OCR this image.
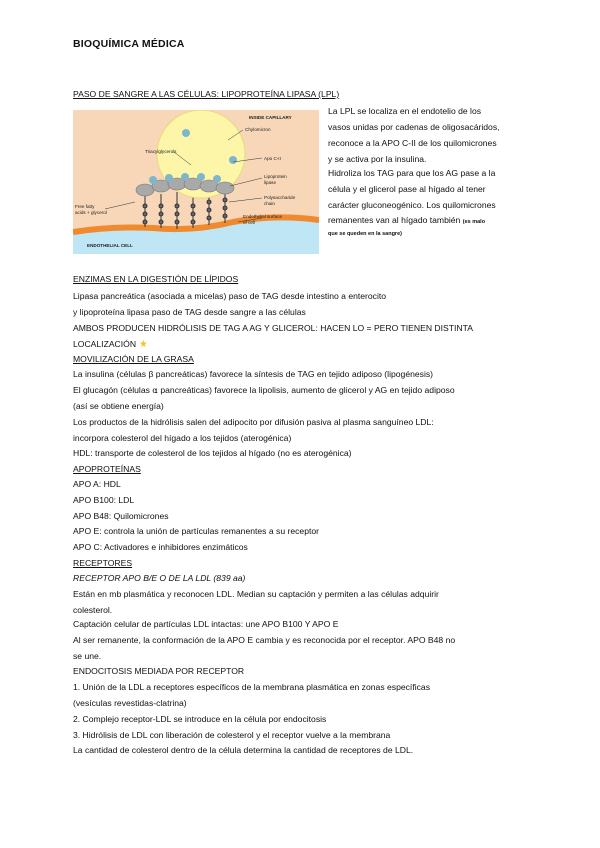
BIOQUÍMICA MÉDICA
PASO DE SANGRE A LAS CÉLULAS: LIPOPROTEÍNA LIPASA (LPL)
INSIDE CAPILLARY
Chylomicron
Triacylglycerols
Apo C-II
Lipoprotein
lipase
Polysaccharide
chain
Endothelial surface
of cell
Free fatty
acids + glycerol
ENDOTHELIAL CELL
La LPL se localiza en el endotelio de los
vasos unidas por cadenas de oligosacáridos,
reconoce a la APO C-II de los quilomicrones
y se activa por la insulina.
Hidroliza los TAG para que los AG pase a la
célula y el glicerol pase al hígado al tener
carácter gluconeogénico. Los quilomicrones
remanentes van al hígado también (es malo
que se queden en la sangre)
ENZIMAS EN LA DIGESTIÓN DE LÍPIDOS
Lipasa pancreática (asociada a micelas) paso de TAG desde intestino a enterocito
y lipoproteína lipasa paso de TAG desde sangre a las células
AMBOS PRODUCEN HIDRÓLISIS DE TAG A AG Y GLICEROL: HACEN LO = PERO TIENEN DISTINTA
LOCALIZACIÓN ★
MOVILIZACIÓN DE LA GRASA
La insulina (células β pancreáticas) favorece la síntesis de TAG en tejido adiposo (lipogénesis)
El glucagón (células ⍺ pancreáticas) favorece la lipolisis, aumento de glicerol y AG en tejido adiposo
(así se obtiene energía)
Los productos de la hidrólisis salen del adipocito por difusión pasiva al plasma sanguíneo LDL:
incorpora colesterol del hígado a los tejidos (aterogénica)
HDL: transporte de colesterol de los tejidos al hígado (no es aterogénica)
APOPROTEÍNAS
APO A: HDL
APO B100: LDL
APO B48: Quilomicrones
APO E: controla la unión de partículas remanentes a su receptor
APO C: Activadores e inhibidores enzimáticos
RECEPTORES
RECEPTOR APO B/E O DE LA LDL (839 aa)
Están en mb plasmática y reconocen LDL. Median su captación y permiten a las células adquirir
colesterol.
Captación celular de partículas LDL intactas: une APO B100 Y APO E
Al ser remanente, la conformación de la APO E cambia y es reconocida por el receptor. APO B48 no
se une.
ENDOCITOSIS MEDIADA POR RECEPTOR
1. Unión de la LDL a receptores específicos de la membrana plasmática en zonas específicas
(vesículas revestidas-clatrina)
2. Complejo receptor-LDL se introduce en la célula por endocitosis
3. Hidrólisis de LDL con liberación de colesterol y el receptor vuelve a la membrana
La cantidad de colesterol dentro de la célula determina la cantidad de receptores de LDL.
